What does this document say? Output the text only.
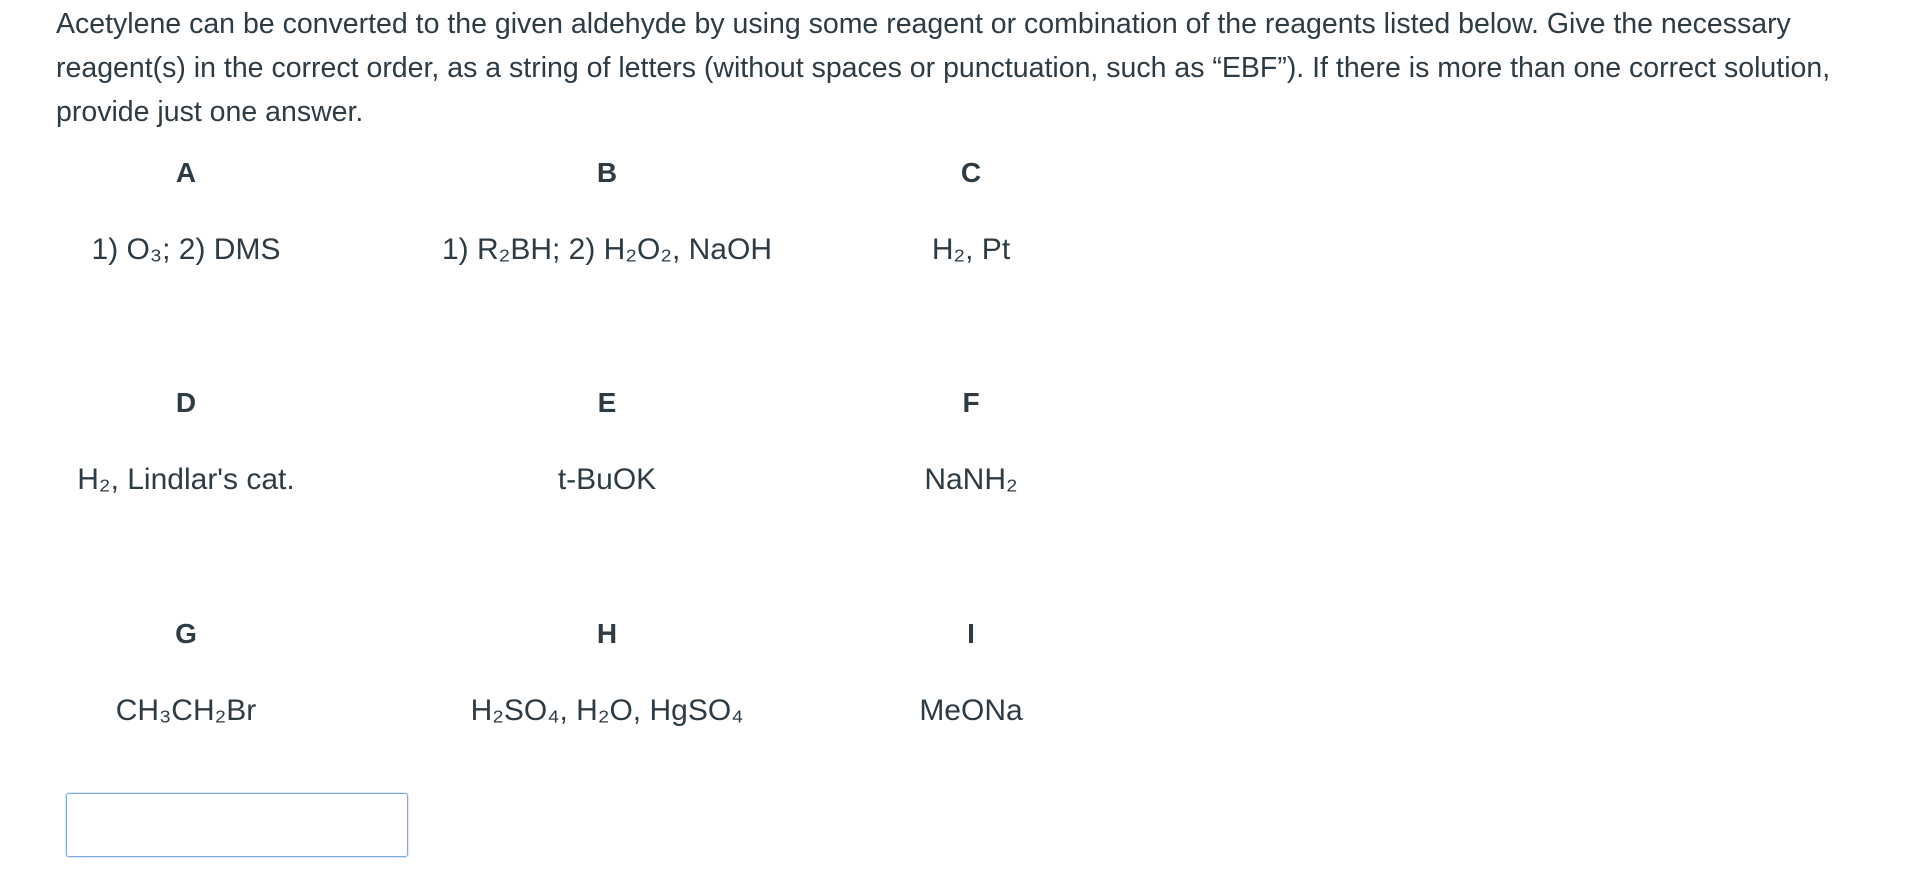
Acetylene can be converted to the given aldehyde by using some reagent or combination of the reagents listed below. Give the necessary reagent(s) in the correct order, as a string of letters (without spaces or punctuation, such as “EBF”). If there is more than one correct solution, provide just one answer.
A
1) O₃; 2) DMS
B
1) R₂BH; 2) H₂O₂, NaOH
C
H₂, Pt
D
H₂, Lindlar's cat.
E
t-BuOK
F
NaNH₂
G
CH₃CH₂Br
H
H₂SO₄, H₂O, HgSO₄
I
MeONa
